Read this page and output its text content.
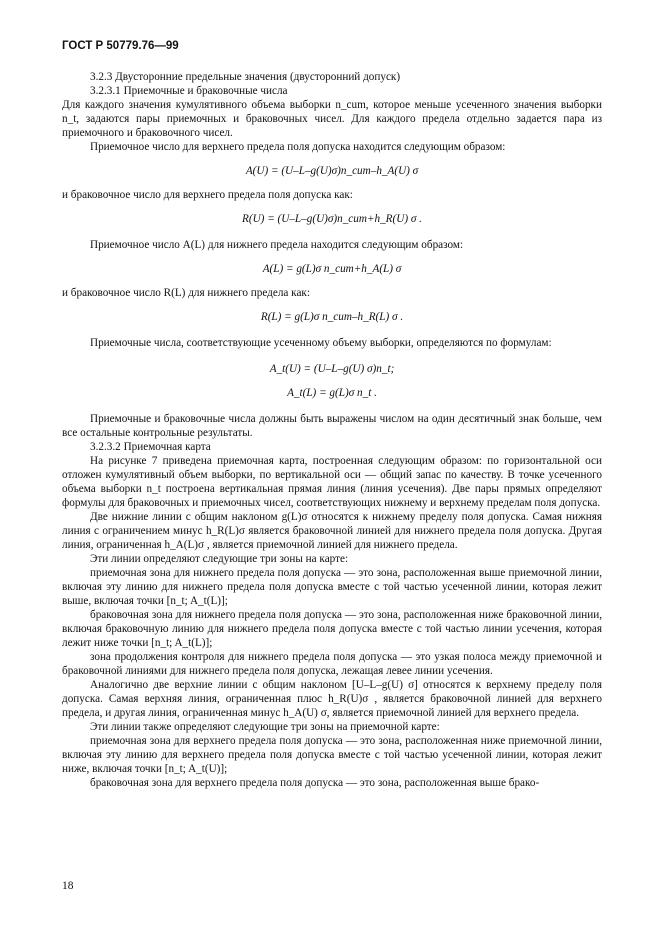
ГОСТ Р 50779.76—99

3.2.3 Двусторонние предельные значения (двусторонний допуск)

3.2.3.1 Приемочные и браковочные числа

Для каждого значения кумулятивного объема выборки n_cum, которое меньше усеченного значения выборки n_t, задаются пары приемочных и браковочных чисел. Для каждого предела отдельно задается пара из приемочного и браковочного чисел.

Приемочное число для верхнего предела поля допуска находится следующим образом:

A(U) = (U–L–g(U)σ)n_cum–h_A(U) σ

и браковочное число для верхнего предела поля допуска как:

R(U) = (U–L–g(U)σ)n_cum+h_R(U) σ .

Приемочное число A(L) для нижнего предела находится следующим образом:

A(L) = g(L)σ n_cum+h_A(L) σ

и браковочное число R(L) для нижнего предела как:

R(L) = g(L)σ n_cum–h_R(L) σ .

Приемочные числа, соответствующие усеченному объему выборки, определяются по формулам:

A_t(U) = (U–L–g(U) σ)n_t;

A_t(L) = g(L)σ n_t .

Приемочные и браковочные числа должны быть выражены числом на один десятичный знак больше, чем все остальные контрольные результаты.

3.2.3.2 Приемочная карта

На рисунке 7 приведена приемочная карта, построенная следующим образом: по горизонтальной оси отложен кумулятивный объем выборки, по вертикальной оси — общий запас по качеству. В точке усеченного объема выборки n_t построена вертикальная прямая линия (линия усечения). Две пары прямых определяют формулы для браковочных и приемочных чисел, соответствующих нижнему и верхнему пределам поля допуска.

Две нижние линии с общим наклоном g(L)σ относятся к нижнему пределу поля допуска. Самая нижняя линия с ограничением минус h_R(L)σ является браковочной линией для нижнего предела поля допуска. Другая линия, ограниченная h_A(L)σ , является приемочной линией для нижнего предела.

Эти линии определяют следующие три зоны на карте:

приемочная зона для нижнего предела поля допуска — это зона, расположенная выше приемочной линии, включая эту линию для нижнего предела поля допуска вместе с той частью усеченной линии, которая лежит выше, включая точки [n_t; A_t(L)];

браковочная зона для нижнего предела поля допуска — это зона, расположенная ниже браковочной линии, включая браковочную линию для нижнего предела поля допуска вместе с той частью линии усечения, которая лежит ниже точки [n_t; A_t(L)];

зона продолжения контроля для нижнего предела поля допуска — это узкая полоса между приемочной и браковочной линиями для нижнего предела поля допуска, лежащая левее линии усечения.

Аналогично две верхние линии с общим наклоном [U–L–g(U) σ] относятся к верхнему пределу поля допуска. Самая верхняя линия, ограниченная плюс h_R(U)σ , является браковочной линией для верхнего предела, и другая линия, ограниченная минус h_A(U) σ, является приемочной линией для верхнего предела.

Эти линии также определяют следующие три зоны на приемочной карте:

приемочная зона для верхнего предела поля допуска — это зона, расположенная ниже приемочной линии, включая эту линию для верхнего предела поля допуска вместе с той частью усеченной линии, которая лежит ниже, включая точки [n_t; A_t(U)];

браковочная зона для верхнего предела поля допуска — это зона, расположенная выше брако-

18
